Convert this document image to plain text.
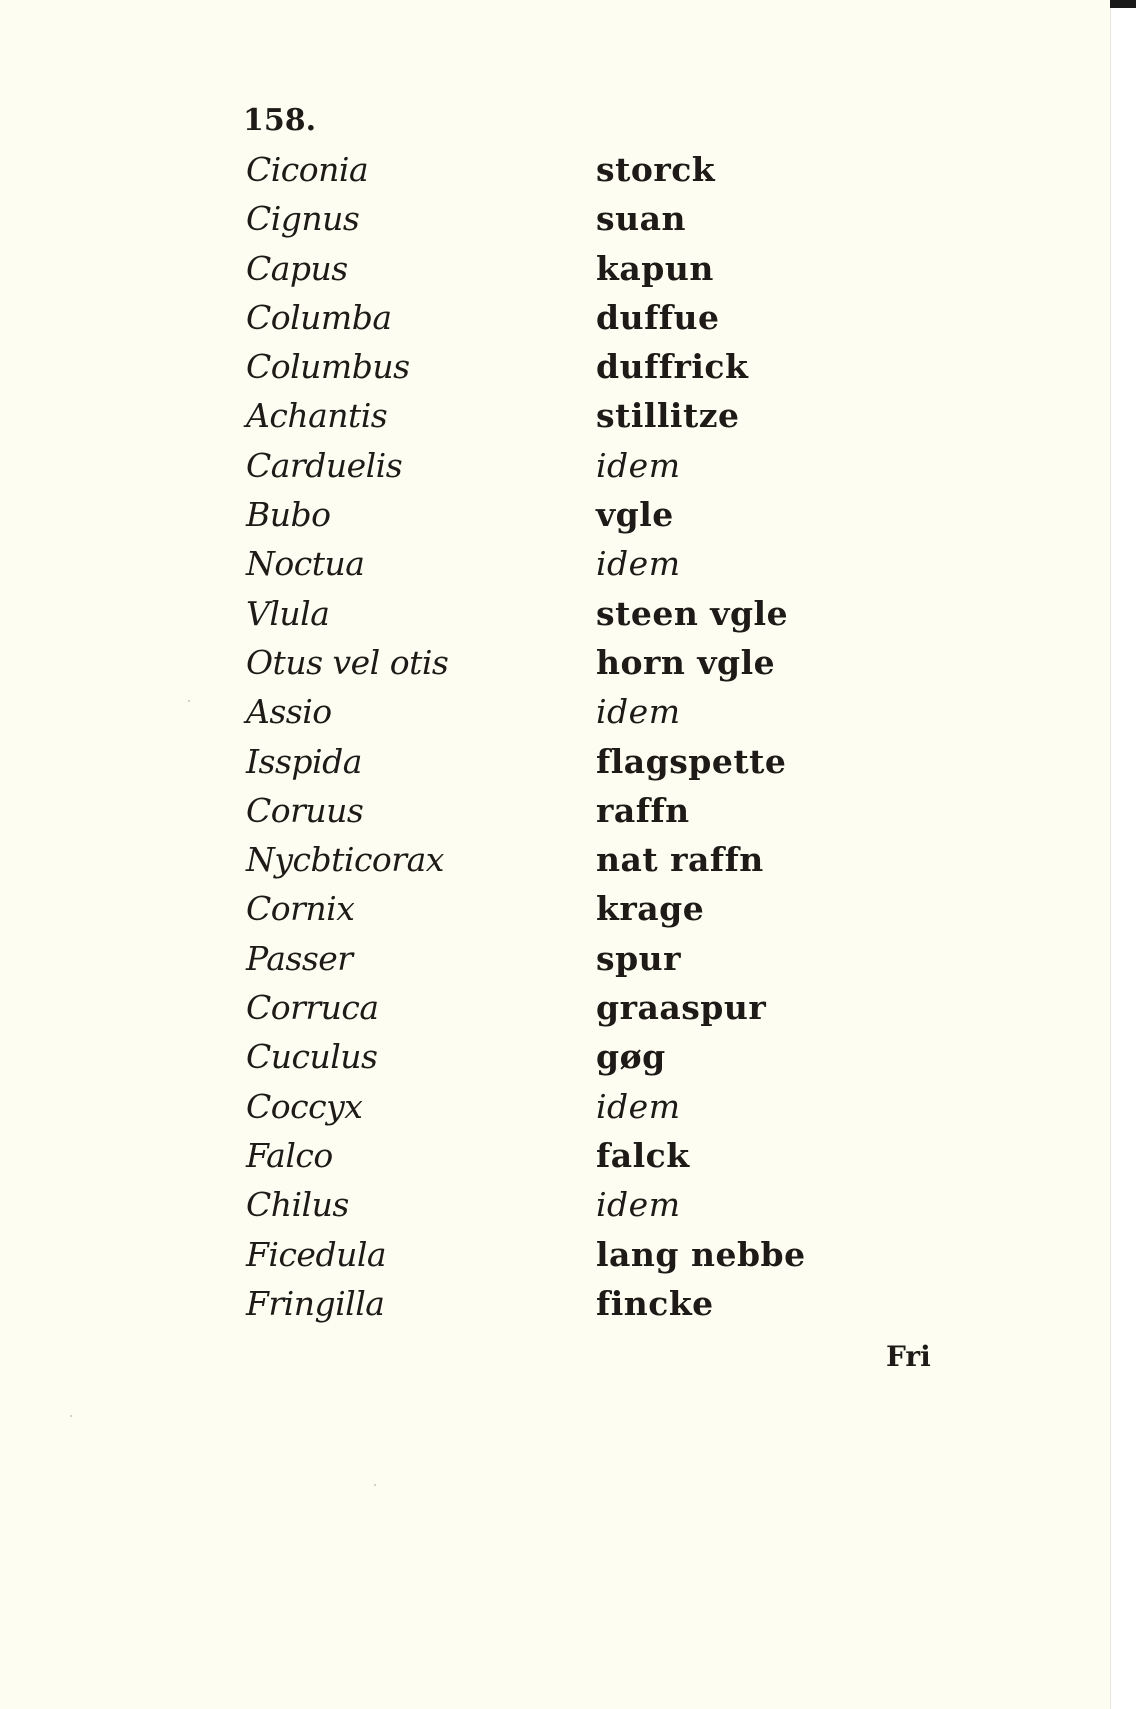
158.

Ciconia
Cignus
Capus
Columba
Columbus
Achantis
Carduelis
Bubo
Noctua
Vlula
Otus vel otis
Assio
Isspida
Coruus
Nycbticorax
Cornix
Passer
Corruca
Cuculus
Coccyx
Falco
Chilus
Ficedula
Fringilla
storck
suan
kapun
duffue
duffrick
stillitze
idem
vgle
idem
steen vgle
horn vgle
idem
flagspette
raffn
nat raffn
krage
spur
graaspur
gøg
idem
falck
idem
lang nebbe
fincke

Fri
